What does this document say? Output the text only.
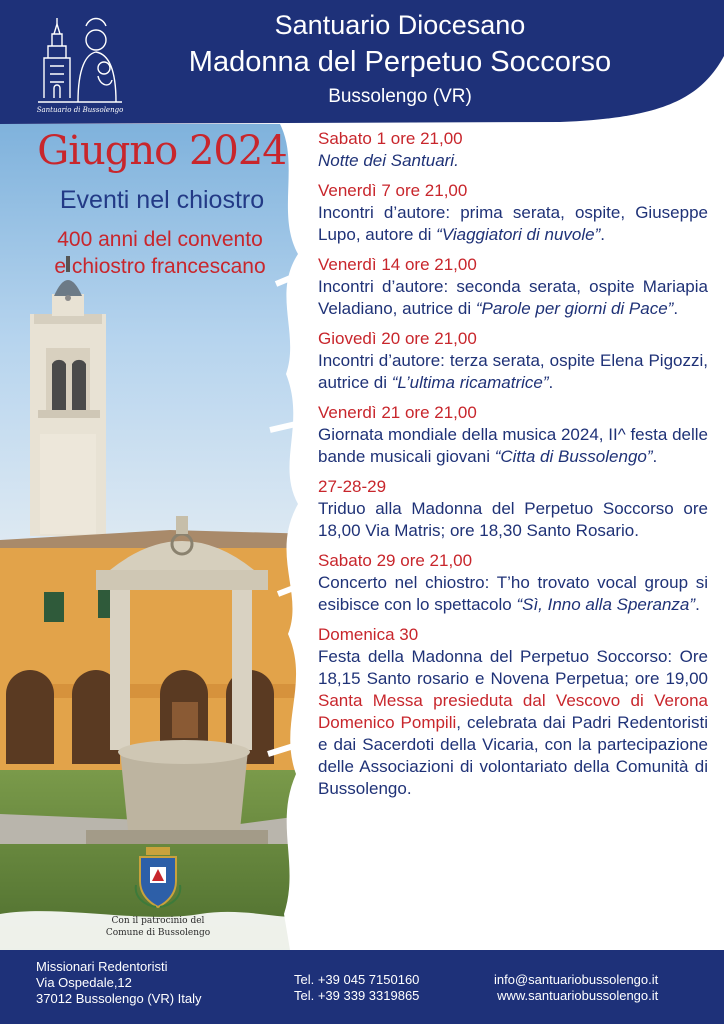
Santuario di Bussolengo
Santuario Diocesano
Madonna del Perpetuo Soccorso
Bussolengo (VR)
Giugno 2024
Eventi nel chiostro
400 anni del convento
e chiostro francescano
Con il patrocinio del
Comune di Bussolengo
Sabato 1 ore 21,00
Notte dei Santuari.
Venerdì 7 ore 21,00
Incontri d’autore: prima serata, ospite, Giuseppe Lupo, autore di “Viaggiatori di nuvole”.
Venerdì 14 ore 21,00
Incontri d’autore: seconda serata, ospite Mariapia Veladiano, autrice di “Parole per giorni di Pace”.
Giovedì 20 ore 21,00
Incontri d’autore: terza serata, ospite Elena Pigozzi, autrice di “L’ultima ricamatrice”.
Venerdì 21 ore 21,00
Giornata mondiale della musica 2024, II^ festa delle bande musicali giovani “Citta di Bussolengo”.
27-28-29
Triduo alla Madonna del Perpetuo Soccorso ore 18,00 Via Matris; ore 18,30 Santo Rosario.
Sabato 29 ore 21,00
Concerto nel chiostro: T’ho trovato vocal group si esibisce con lo spettacolo “Sì, Inno alla Speranza”.
Domenica 30
Festa della Madonna del Perpetuo Soccorso: Ore 18,15 Santo rosario e Novena Perpetua; ore 19,00 Santa Messa presieduta dal Vescovo di Verona Domenico Pompili, celebrata dai Padri Redentoristi e dai Sacerdoti della Vicaria, con la partecipazione delle Associazioni di volontariato della Comunità di Bussolengo.
Missionari Redentoristi
Via Ospedale,12
37012 Bussolengo (VR) Italy
Tel. +39 045 7150160
Tel. +39 339 3319865
info@santuariobussolengo.it
www.santuariobussolengo.it
